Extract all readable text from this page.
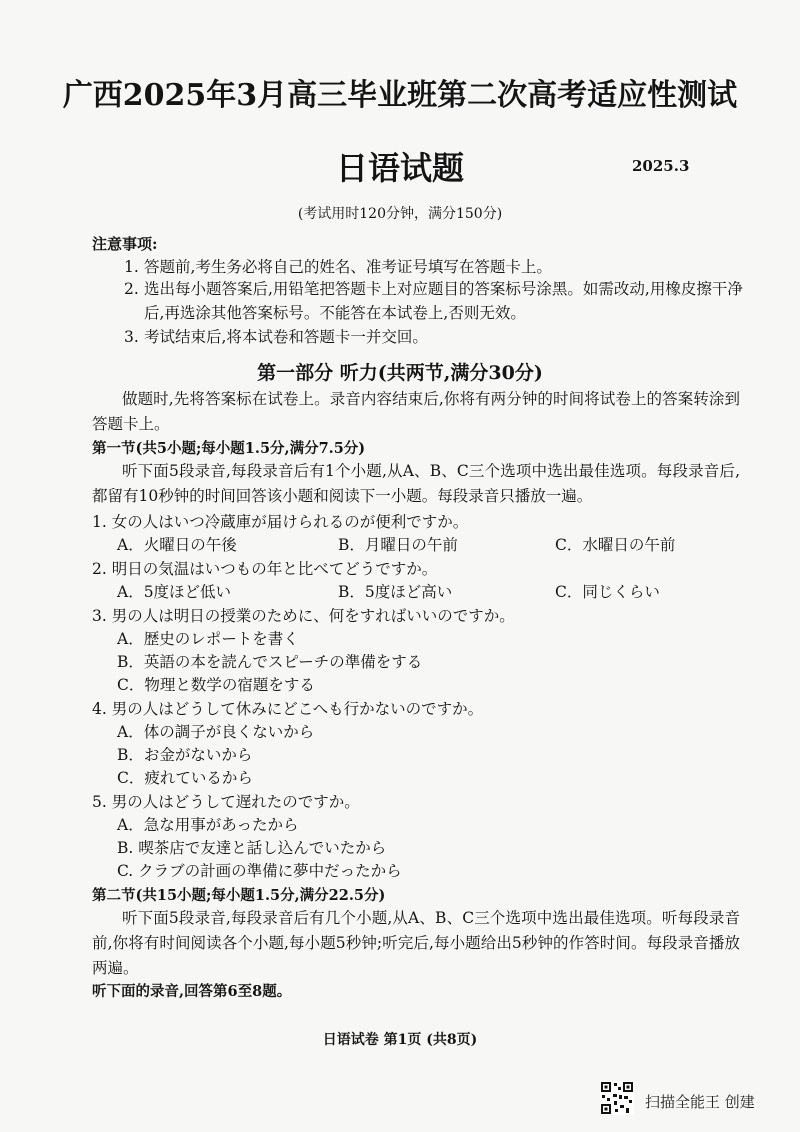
广西2025年3月高三毕业班第二次高考适应性测试
日语试题	2025.3
(考试用时120分钟，满分150分)
注意事项:
1. 答题前,考生务必将自己的姓名、准考证号填写在答题卡上。
2. 选出每小题答案后,用铅笔把答题卡上对应题目的答案标号涂黑。如需改动,用橡皮擦干净后,再选涂其他答案标号。不能答在本试卷上,否则无效。
3. 考试结束后,将本试卷和答题卡一并交回。
第一部分 听力(共两节,满分30分)
做题时,先将答案标在试卷上。录音内容结束后,你将有两分钟的时间将试卷上的答案转涂到答题卡上。
第一节(共5小题;每小题1.5分,满分7.5分)
听下面5段录音,每段录音后有1个小题,从A、B、C三个选项中选出最佳选项。每段录音后,都留有10秒钟的时间回答该小题和阅读下一小题。每段录音只播放一遍。
1. 女の人はいつ冷蔵庫が届けられるのが便利ですか。
A．火曜日の午後	B．月曜日の午前	C．水曜日の午前
2. 明日の気温はいつもの年と比べてどうですか。
A．5度ほど低い	B．5度ほど高い	C．同じくらい
3. 男の人は明日の授業のために、何をすればいいのですか。
A．歴史のレポートを書く
B．英語の本を読んでスピーチの準備をする
C．物理と数学の宿題をする
4. 男の人はどうして休みにどこへも行かないのですか。
A．体の調子が良くないから
B．お金がないから
C．疲れているから
5. 男の人はどうして遅れたのですか。
A．急な用事があったから
B. 喫茶店で友達と話し込んでいたから
C. クラブの計画の準備に夢中だったから
第二节(共15小题;每小题1.5分,满分22.5分)
听下面5段录音,每段录音后有几个小题,从A、B、C三个选项中选出最佳选项。听每段录音前,你将有时间阅读各个小题,每小题5秒钟;听完后,每小题给出5秒钟的作答时间。每段录音播放两遍。
听下面的录音,回答第6至8题。
日语试卷 第1页 (共8页)
扫描全能王 创建
